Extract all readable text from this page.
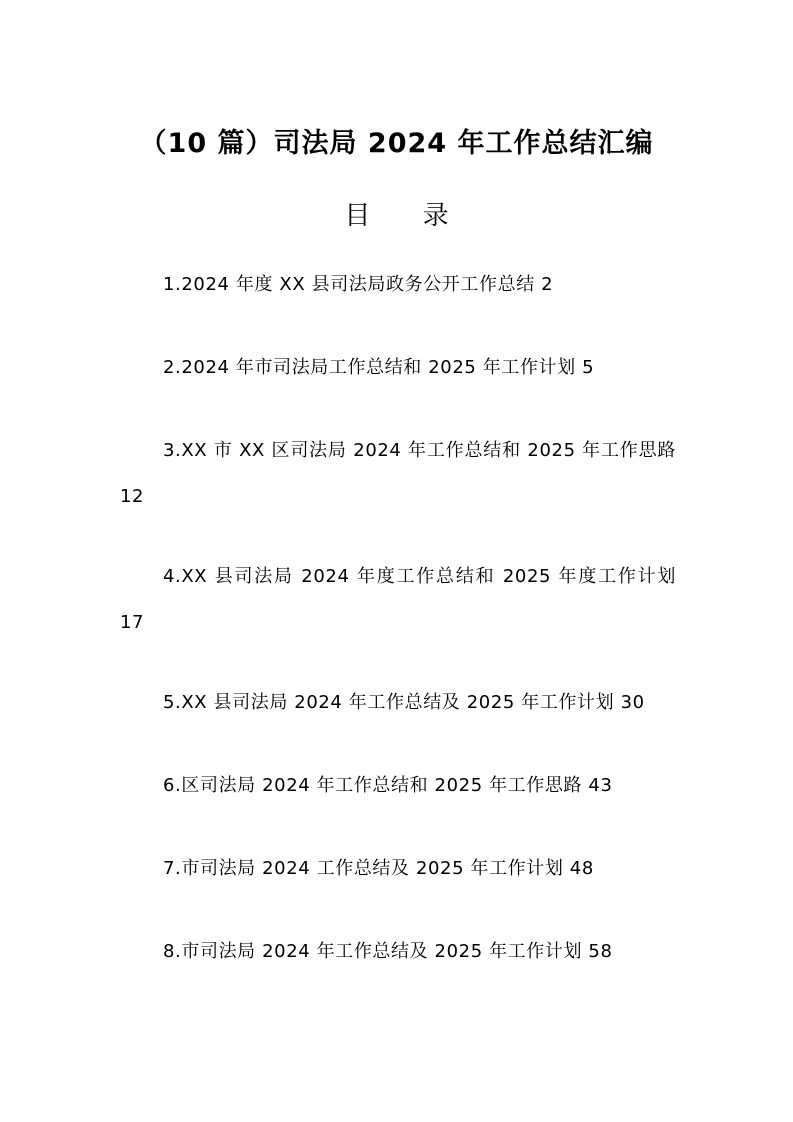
（10 篇）司法局 2024 年工作总结汇编
目 录
1.2024 年度 XX 县司法局政务公开工作总结 2
2.2024 年市司法局工作总结和 2025 年工作计划 5
3.XX 市 XX 区司法局 2024 年工作总结和 2025 年工作思路 12
4.XX 县司法局 2024 年度工作总结和 2025 年度工作计划 17
5.XX 县司法局 2024 年工作总结及 2025 年工作计划 30
6.区司法局 2024 年工作总结和 2025 年工作思路 43
7.市司法局 2024 工作总结及 2025 年工作计划 48
8.市司法局 2024 年工作总结及 2025 年工作计划 58
